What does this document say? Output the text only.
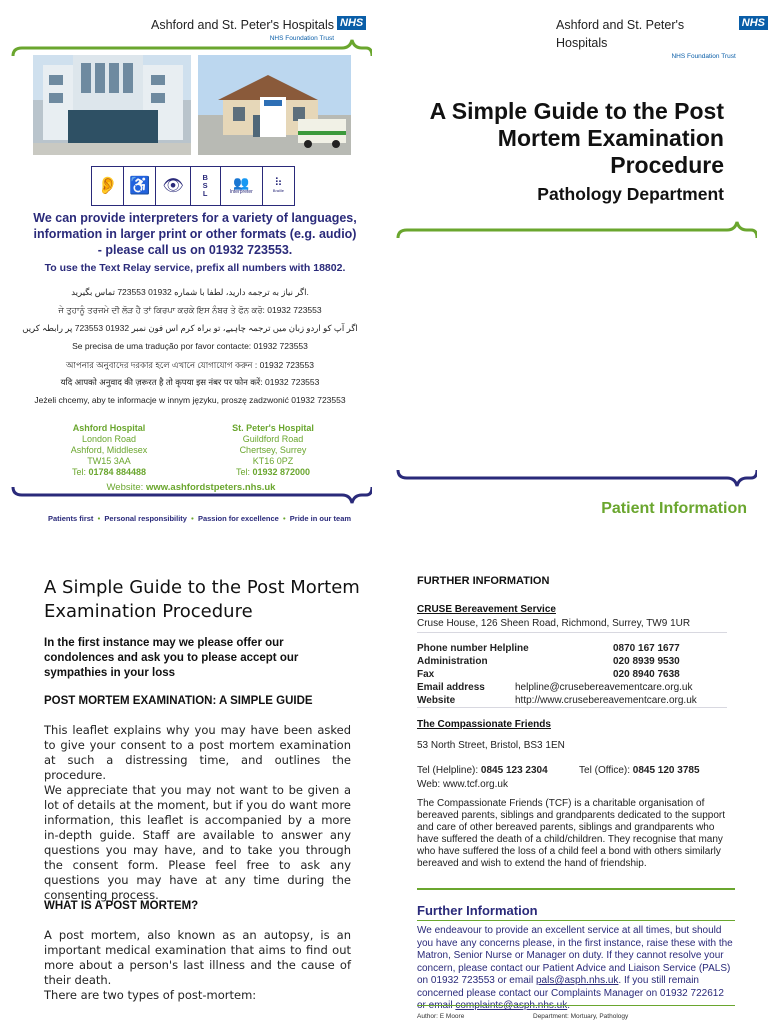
Ashford and St. Peter's Hospitals
NHS Foundation Trust
NHS
👂 ♿ 👁	B
S
L
👥
Interpreter
⠷
Braille
We can provide interpreters for a variety of languages, information in larger print or other formats (e.g. audio) - please call us on 01932 723553.
To use the Text Relay service, prefix all numbers with 18802.
اگر نیاز به ترجمه دارید، لطفا با شماره 01932 723553 تماس بگیرید.
ਜੇ ਤੁਹਾਨੂੰ ਤਰਜਮੇ ਦੀ ਲੋੜ ਹੈ ਤਾਂ ਕਿਰਪਾ ਕਰਕੇ ਇਸ ਨੰਬਰ ਤੇ ਫੋਨ ਕਰੋ: 01932 723553
اگر آپ کو اردو زبان میں ترجمہ چاہیے، تو براہ کرم اس فون نمبر 01932 723553 پر رابطہ کریں
Se precisa de uma tradução por favor contacte: 01932 723553
আপনার অনুবাদের দরকার হলে এখানে যোগাযোগ করুন : 01932 723553
यदि आपको अनुवाद की ज़रूरत है तो कृपया इस नंबर पर फोन करें: 01932 723553
Jeżeli chcemy, aby te informacje w innym języku, proszę zadzwonić 01932 723553
Ashford Hospital
London Road
Ashford, Middlesex
TW15 3AA
Tel: 01784 884488
St. Peter's Hospital
Guildford Road
Chertsey, Surrey
KT16 0PZ
Tel: 01932 872000
Website: www.ashfordstpeters.nhs.uk
Patients first  •  Personal responsibility  •  Passion for excellence  •  Pride in our team
Ashford and St. Peter's Hospitals
NHS Foundation Trust
NHS
A Simple Guide to the Post Mortem Examination Procedure
Pathology Department
Patient Information
A Simple Guide to the Post Mortem Examination Procedure
In the first instance may we please offer our condolences and ask you to please accept our sympathies in your loss
POST MORTEM EXAMINATION: A SIMPLE GUIDE
This leaflet explains why you may have been asked to give your consent to a post mortem examination at such a distressing time, and outlines the procedure.
We appreciate that you may not want to be given a lot of details at the moment, but if you do want more information, this leaflet is accompanied by a more in-depth guide. Staff are available to answer any questions you may have, and to take you through the consent form. Please feel free to ask any questions you may have at any time during the consenting process.
WHAT IS A POST MORTEM?
A post mortem, also known as an autopsy, is an important medical examination that aims to find out more about a person's last illness and the cause of their death.
There are two types of post-mortem:
FURTHER INFORMATION
CRUSE Bereavement Service
Cruse House, 126 Sheen Road, Richmond, Surrey, TW9 1UR
Phone number Helpline	0870 167 1677
Administration	020 8939 9530
Fax	020 8940 7638
Email address	helpline@crusebereavementcare.org.uk
Website	http://www.crusebereavementcare.org.uk
The Compassionate Friends
53 North Street, Bristol, BS3 1EN
Tel (Helpline): 0845 123 2304	Tel (Office): 0845 120 3785
Web: www.tcf.org.uk
The Compassionate Friends (TCF) is a charitable organisation of bereaved parents, siblings and grandparents dedicated to the support and care of other bereaved parents, siblings and grandparents who have suffered the death of a child/children. They recognise that many who have suffered the loss of a child feel a bond with others similarly bereaved and wish to extend the hand of friendship.
Further Information
We endeavour to provide an excellent service at all times, but should you have any concerns please, in the first instance, raise these with the Matron, Senior Nurse or Manager on duty. If they cannot resolve your concern, please contact our Patient Advice and Liaison Service (PALS) on 01932 723553 or email pals@asph.nhs.uk. If you still remain concerned please contact our Complaints Manager on 01932 722612
Author: E Moore	Department: Mortuary, Pathology
